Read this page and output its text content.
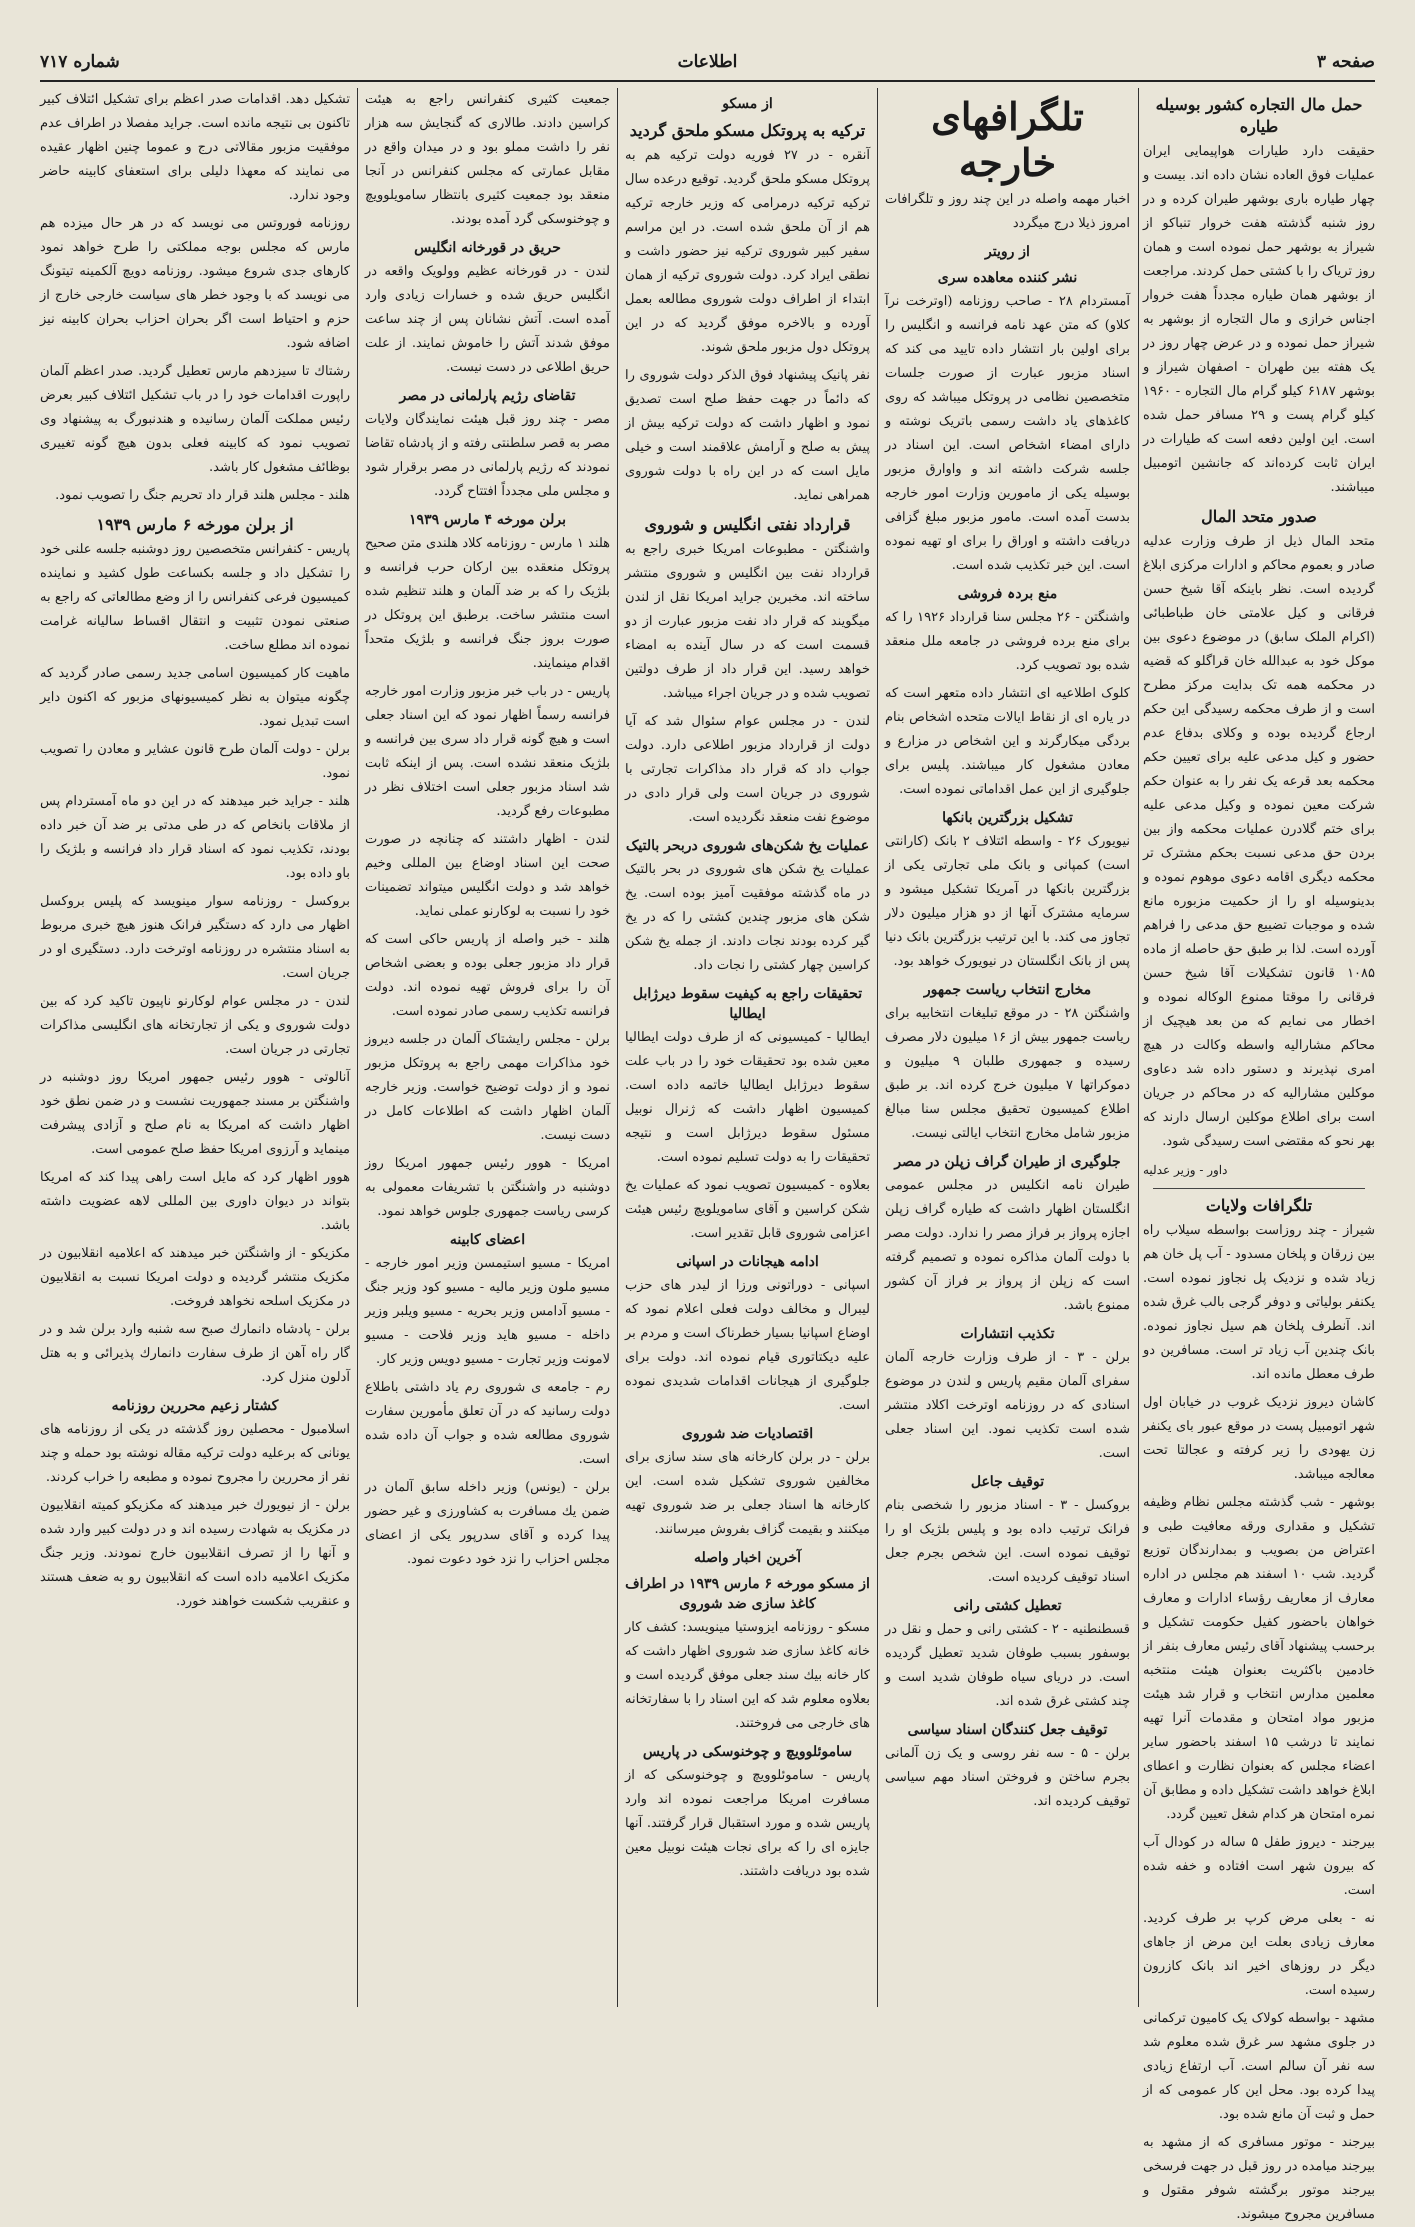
صفحه ۳
اطلاعات
شماره ۷۱۷
حمل مال التجاره کشور بوسیله طیاره

حقیقت دارد طیارات هواپیمایی ایران عملیات فوق العاده نشان داده اند. بیست و چهار طیاره باری بوشهر طیران کرده و در روز شنبه گذشته هفت خروار تنباکو از شیراز به بوشهر حمل نموده است و همان روز تریاک را با کشتی حمل کردند. مراجعت از بوشهر همان طیاره مجدداً هفت خروار اجناس خرازی و مال التجاره از بوشهر به شیراز حمل نموده و در عرض چهار روز در یک هفته بین طهران - اصفهان شیراز و بوشهر ۶۱۸۷ کیلو گرام مال التجاره - ۱۹۶۰ کیلو گرام پست و ۲۹ مسافر حمل شده است. این اولین دفعه است که طیارات در ایران ثابت کرده‌اند که جانشین اتومبیل میباشند.

صدور متحد المال

متحد المال ذیل از طرف وزارت عدلیه صادر و بعموم محاکم و ادارات مرکزی ابلاغ گردیده است. نظر باینکه آقا شیخ حسن فرقانی و کیل علامتی خان طباطبائی (اکرام الملک سابق) در موضوع دعوی بین موکل خود به عبدالله خان قراگلو که قضیه در محکمه همه تک بدایت مرکز مطرح است و از طرف محکمه رسیدگی این حکم ارجاع گردیده بوده و وکلای بدفاع عدم حضور و کیل مدعی علیه برای تعیین حکم محکمه بعد قرعه یک نفر را به عنوان حکم شرکت معین نموده و وکیل مدعی علیه برای ختم گلادرن عملیات محکمه واز بین بردن حق مدعی نسبت بحکم مشترک تر محکمه دیگری اقامه دعوی موهوم نموده و بدینوسیله او را از حکمیت مزبوره مانع شده و موجبات تضییع حق مدعی را فراهم آورده است. لذا بر طبق حق حاصله از ماده ۱۰۸۵ قانون تشکیلات آقا شیخ حسن فرقانی را موقتا ممنوع الوکاله نموده و اخطار می نمایم که من بعد هیچیک از محاکم مشارالیه واسطه وکالت در هیچ امری نپذیرند و دستور داده شد دعاوی موکلین مشارالیه که در محاکم در جریان است برای اطلاع موکلین ارسال دارند که بهر نحو که مقتضی است رسیدگی شود.

داور - وزیر عدلیه

تلگرافات ولایات

شیراز - چند روزاست بواسطه سیلاب راه بین زرقان و پلخان مسدود - آب پل خان هم زیاد شده و نزدیک پل نجاوز نموده است. یکنفر بولیاتی و دوفر گرجی بالب غرق شده اند. آنطرف پلخان هم سیل نجاوز نموده. بانک چندین آب زیاد تر است. مسافرین دو طرف معطل مانده اند.

کاشان دیروز نزدیک غروب در خیابان اول شهر اتومبیل پست در موقع عبور بای یکنفر زن یهودی را زیر کرفته و عجالتا تحت معالجه میباشد.

بوشهر - شب گذشته مجلس نظام وظیفه تشکیل و مقداری ورقه معافیت طبی و اعتراض من بصویب و بمدارندگان توزیع گردید. شب ۱۰ اسفند هم مجلس در اداره معارف از معاریف رؤساء ادارات و معارف خواهان باحضور کفیل حکومت تشکیل و برحسب پیشنهاد آقای رئیس معارف بنفر از خادمین باکثریت بعنوان هیئت منتخبه معلمین مدارس انتخاب و قرار شد هیئت مزبور مواد امتحان و مقدمات آنرا تهیه نمایند تا درشب ۱۵ اسفند باحضور سایر اعضاء مجلس که بعنوان نظارت و اعطای ابلاغ خواهد داشت تشکیل داده و مطابق آن نمره امتحان هر کدام شغل تعیین گردد.

بیرجند - دیروز طفل ۵ ساله در کودال آب که بیرون شهر است افتاده و خفه شده است.

نه - بعلی مرض کرپ بر طرف کردید. معارف زیادی بعلت این مرض از جاهای دیگر در روزهای اخیر اند بانک کازرون رسیده است.

مشهد - بواسطه کولاک یک کامیون ترکمانی در جلوی مشهد سر غرق شده معلوم شد سه نفر آن سالم است. آب ارتفاع زیادی پیدا کرده بود. محل این کار عمومی که از حمل و ثبت آن مانع شده بود.

بیرجند - موتور مسافری که از مشهد به بیرجند میامده در روز قبل در جهت فرسخی بیرجند موتور برگشته شوفر مقتول و مسافرین مجروح میشوند.

تلگرافهای خارجه

اخبار مهمه واصله در این چند روز و تلگرافات امروز ذیلا درج میگردد

از رویتر
نشر کننده معاهده سری

آمستردام ۲۸ - صاحب روزنامه (اوترخت نرآ کلاو) که متن عهد نامه فرانسه و انگلیس را برای اولین بار انتشار داده تایید می کند که اسناد مزبور عبارت از صورت جلسات متخصصین نظامی در پروتکل میباشد که روی کاغذهای یاد داشت رسمی باتریک نوشته و دارای امضاء اشخاص است. این اسناد در جلسه شرکت داشته اند و واوارق مزبور بوسیله یکی از مامورین وزارت امور خارجه بدست آمده است. مامور مزبور مبلغ گزافی دریافت داشته و اوراق را برای او تهیه نموده است. این خبر تکذیب شده است.

منع بردہ فروشی

واشنگتن - ۲۶ مجلس سنا قرارداد ۱۹۲۶ را که برای منع برده فروشی در جامعه ملل منعقد شده بود تصویب کرد.

کلوک اطلاعیه ای انتشار داده متعهر است که در یاره ای از نقاط ایالات متحده اشخاص بنام بردگی میکارگرند و این اشخاص در مزارع و معادن مشغول کار میباشند. پلیس برای جلوگیری از این عمل اقداماتی نموده است.

تشکیل بزرگترین بانکها

نیویورک ۲۶ - واسطه ائتلاف ۲ بانک (کارانتی است) کمپانی و بانک ملی تجارتی یکی از بزرگترین بانکها در آمریکا تشکیل میشود و سرمایه مشترک آنها از دو هزار میلیون دلار تجاوز می کند. با این ترتیب بزرگترین بانک دنیا پس از بانک انگلستان در نیویورک خواهد بود.

مخارج انتخاب ریاست جمهور

واشنگتن ۲۸ - در موقع تبلیغات انتخابیه برای ریاست جمهور بیش از ۱۶ میلیون دلار مصرف رسیده و جمهوری طلبان ۹ میلیون و دموکراتها ۷ میلیون خرج کرده اند. بر طبق اطلاع کمیسیون تحقیق مجلس سنا مبالغ مزبور شامل مخارج انتخاب ایالتی نیست.

جلوگیری از طیران گراف زپلن در مصر

طیران نامه انکلیس در مجلس عمومی انگلستان اظهار داشت که طیاره گراف زپلن اجازه پرواز بر فراز مصر را ندارد. دولت مصر با دولت آلمان مذاکره نموده و تصمیم گرفته است که زپلن از پرواز بر فراز آن کشور ممنوع باشد.

تکذیب انتشارات

برلن - ۳ - از طرف وزارت خارجه آلمان سفرای آلمان مقیم پاریس و لندن در موضوع اسنادی که در روزنامه اوترخت اکلاد منتشر شده است تکذیب نمود. این اسناد جعلی است.

توقیف جاعل

بروکسل - ۳ - اسناد مزبور را شخصی بنام فرانک ترتیب داده بود و پلیس بلژیک او را توقیف نموده است. این شخص بجرم جعل اسناد توقیف کردیده است.

تعطیل کشتی رانی

قسطنطنیه - ۲ - کشتی رانی و حمل و نقل در بوسفور بسبب طوفان شدید تعطیل گردیده است. در دریای سیاه طوفان شدید است و چند کشتی غرق شده اند.

توقیف جعل کنندگان اسناد سیاسی

برلن - ۵ - سه نفر روسی و یک زن آلمانی بجرم ساختن و فروختن اسناد مهم سیاسی توقیف کردیده اند.

از مسکو
ترکیه به پروتکل مسکو ملحق گردید

آنقره - در ۲۷ فوریه دولت ترکیه هم به پروتکل مسکو ملحق گردید. توقیع درعده سال ترکیه ترکیه درمرامی که وزیر خارجه ترکیه هم از آن ملحق شده است. در این مراسم سفیر کبیر شوروی ترکیه نیز حضور داشت و نطقی ایراد کرد. دولت شوروی ترکیه از همان ابتداء از اطراف دولت شوروی مطالعه بعمل آورده و بالاخره موفق گردید که در این پروتکل دول مزبور ملحق شوند.

نفر پانیک پیشنهاد فوق الذکر دولت شوروی را که دائماً در جهت حفظ صلح است تصدیق نمود و اظهار داشت که دولت ترکیه بیش از پیش به صلح و آرامش علاقمند است و خیلی مایل است که در این راه با دولت شوروی همراهی نماید.

قرارداد نفتی انگلیس و شوروی

واشنگتن - مطبوعات امریکا خبری راجع به قرارداد نفت بین انگلیس و شوروی منتشر ساخته اند. مخبرین جراید امریکا نقل از لندن میگویند که قرار داد نفت مزبور عبارت از دو قسمت است که در سال آینده به امضاء خواهد رسید. این قرار داد از طرف دولتین تصویب شده و در جریان اجراء میباشد.

لندن - در مجلس عوام سئوال شد که آیا دولت از قرارداد مزبور اطلاعی دارد. دولت جواب داد که قرار داد مذاکرات تجارتی با شوروی در جریان است ولی قرار دادی در موضوع نفت منعقد نگردیده است.

عملیات یخ شکن‌های شوروی دربحر بالتیک

عملیات یخ شکن های شوروی در بحر بالتیک در ماه گذشته موفقیت آمیز بوده است. یخ شکن های مزبور چندین کشتی را که در یخ گیر کرده بودند نجات دادند. از جمله یخ شکن کراسین چهار کشتی را نجات داد.

تحقیقات راجع به کیفیت سقوط دیرژابل ایطالیا

ایطالیا - کمیسیونی که از طرف دولت ایطالیا معین شده بود تحقیقات خود را در باب علت سقوط دیرژابل ایطالیا خاتمه داده است. کمیسیون اظهار داشت که ژنرال نوبیل مسئول سقوط دیرژابل است و نتیجه تحقیقات را به دولت تسلیم نموده است.

بعلاوه - کمیسیون تصویب نمود که عملیات یخ شکن کراسین و آقای سامویلویچ رئیس هیئت اعزامی شوروی قابل تقدیر است.

ادامه هیجانات در اسپانی

اسپانی - دوراتونی ورزا از لیدر های حزب لیبرال و مخالف دولت فعلی اعلام نمود که اوضاع اسپانیا بسیار خطرناک است و مردم بر علیه دیکتاتوری قیام نموده اند. دولت برای جلوگیری از هیجانات اقدامات شدیدی نموده است.

اقتصادیات ضد شوروی

برلن - در برلن کارخانه های سند سازی برای مخالفین شوروی تشکیل شده است. این کارخانه ها اسناد جعلی بر ضد شوروی تهیه میکنند و بقیمت گزاف بفروش میرسانند.

آخرین اخبار واصله
از مسکو مورخه ۶ مارس ۱۹۳۹ در اطراف کاغذ سازی ضد شوروی

مسکو - روزنامه ایزوستیا مینویسد: کشف کار خانه کاغذ سازی ضد شوروی اظهار داشت که کار خانه بیك سند جعلی موفق گردیده است و بعلاوه معلوم شد که این اسناد را با سفارتخانه های خارجی می فروختند.

ساموئلوویچ و چوخنوسکی در پاریس

پاریس - ساموئلوویچ و چوخنوسکی که از مسافرت امریکا مراجعت نموده اند وارد پاریس شده و مورد استقبال قرار گرفتند. آنها جایزه ای را که برای نجات هیئت نوبیل معین شده بود دریافت داشتند.

جمعیت کثیری کنفرانس راجع به هیئت کراسین دادند. طالاری که گنجایش سه هزار نفر را داشت مملو بود و در میدان واقع در مقابل عمارتی که مجلس کنفرانس در آنجا منعقد بود جمعیت کثیری بانتظار سامویلوویچ و چوخنوسکی گرد آمده بودند.

حریق در قورخانه انگلیس

لندن - در قورخانه عظیم وولویک واقعه در انگلیس حریق شده و خسارات زیادی وارد آمده است. آتش نشانان پس از چند ساعت موفق شدند آتش را خاموش نمایند. از علت حریق اطلاعی در دست نیست.

تقاضای رژیم پارلمانی در مصر

مصر - چند روز قبل هیئت نمایندگان ولایات مصر به قصر سلطنتی رفته و از پادشاه تقاضا نمودند که رژیم پارلمانی در مصر برقرار شود و مجلس ملی مجدداً افتتاح گردد.

برلن مورخه ۴ مارس ۱۹۳۹

هلند ۱ مارس - روزنامه کلاد هلندی متن صحیح پروتکل منعقده بین ارکان حرب فرانسه و بلژیک را که بر ضد آلمان و هلند تنظیم شده است منتشر ساخت. برطبق این پروتکل در صورت بروز جنگ فرانسه و بلژیک متحداً اقدام مینمایند.

پاریس - در باب خبر مزبور وزارت امور خارجه فرانسه رسماً اظهار نمود که این اسناد جعلی است و هیچ گونه قرار داد سری بین فرانسه و بلژیک منعقد نشده است. پس از اینکه ثابت شد اسناد مزبور جعلی است اختلاف نظر در مطبوعات رفع گردید.

لندن - اظهار داشتند که چنانچه در صورت صحت این اسناد اوضاع بین المللی وخیم خواهد شد و دولت انگلیس میتواند تضمینات خود را نسبت به لوکارنو عملی نماید.

هلند - خبر واصله از پاریس حاکی است که قرار داد مزبور جعلی بوده و بعضی اشخاص آن را برای فروش تهیه نموده اند. دولت فرانسه تکذیب رسمی صادر نموده است.

برلن - مجلس رایشتاک آلمان در جلسه دیروز خود مذاکرات مهمی راجع به پروتکل مزبور نمود و از دولت توضیح خواست. وزیر خارجه آلمان اظهار داشت که اطلاعات کامل در دست نیست.

امریکا - هوور رئیس جمهور امریکا روز دوشنبه در واشنگتن با تشریفات معمولی به کرسی ریاست جمهوری جلوس خواهد نمود.

اعضای کابینه

امریکا - مسیو استیمسن وزیر امور خارجه - مسیو ملون وزیر مالیه - مسیو کود وزیر جنگ - مسیو آدامس وزیر بحریه - مسیو ویلبر وزیر داخله - مسیو هاید وزیر فلاحت - مسیو لامونت وزیر تجارت - مسیو دویس وزیر کار.

رم - جامعه ی شوروی رم یاد داشتی باطلاع دولت رسانید که در آن تعلق مأمورین سفارت شوروی مطالعه شده و جواب آن داده شده است.

برلن - (یونس) وزیر داخله سابق آلمان در ضمن یك مسافرت به کشاورزی و غیر حضور پیدا کرده و آقای سدرپور یکی از اعضای مجلس احزاب را نزد خود دعوت نمود.

تشکیل دهد. اقدامات صدر اعظم برای تشکیل ائتلاف کبیر تاکنون بی نتیجه مانده است. جراید مفصلا در اطراف عدم موفقیت مزبور مقالاتی درج و عموما چنین اظهار عقیده می نمایند که معهذا دلیلی برای استعفای کابینه حاضر وجود ندارد.

روزنامه فوروتس می نویسد که در هر حال میزده هم مارس که مجلس بوجه مملکتی را طرح خواهد نمود کارهای جدی شروع میشود. روزنامه دویچ آلکمینه تیتونگ می نویسد که با وجود خطر های سیاست خارجی خارج از حزم و احتیاط است اگر بحران احزاب بحران کابینه نیز اضافه شود.

رشتاك تا سیزدهم مارس تعطیل گردید. صدر اعظم آلمان راپورت اقدامات خود را در باب تشکیل ائتلاف کبیر بعرض رئیس مملکت آلمان رسانیده و هندنبورگ به پیشنهاد وی تصویب نمود که کابینه فعلی بدون هیچ گونه تغییری بوظائف مشغول کار باشد.

هلند - مجلس هلند قرار داد تحریم جنگ را تصویب نمود.

از برلن مورخه ۶ مارس ۱۹۳۹

پاریس - کنفرانس متخصصین روز دوشنبه جلسه علنی خود را تشکیل داد و جلسه بکساعت طول کشید و نماینده کمیسیون فرعی کنفرانس را از وضع مطالعاتی که راجع به صنعتی نمودن تثبیت و انتقال اقساط سالیانه غرامت نموده اند مطلع ساخت.

ماهیت کار کمیسیون اسامی جدید رسمی صادر گردید که چگونه میتوان به نظر کمیسیونهای مزبور که اکنون دایر است تبدیل نمود.

برلن - دولت آلمان طرح قانون عشایر و معادن را تصویب نمود.

هلند - جراید خبر میدهند که در این دو ماه آمستردام پس از ملاقات بانخاص که در طی مدتی بر ضد آن خبر داده بودند، تکذیب نمود که اسناد قرار داد فرانسه و بلژیک را باو داده بود.

بروکسل - روزنامه سوار مینویسد که پلیس بروکسل اظهار می دارد که دستگیر فرانک هنوز هیچ خبری مربوط به اسناد منتشره در روزنامه اوترخت دارد. دستگیری او در جریان است.

لندن - در مجلس عوام لوکارنو ناپیون تاکید کرد که بین دولت شوروی و یکی از تجارتخانه های انگلیسی مذاکرات تجارتی در جریان است.

آنالوتی - هوور رئیس جمهور امریکا روز دوشنبه در واشنگتن بر مسند جمهوریت نشست و در ضمن نطق خود اظهار داشت که امریکا به نام صلح و آزادی پیشرفت مینماید و آرزوی امریکا حفظ صلح عمومی است.

هوور اظهار کرد که مایل است راهی پیدا کند که امریکا بتواند در دیوان داوری بین المللی لاهه عضویت داشته باشد.

مکزیکو - از واشنگتن خبر میدهند که اعلامیه انقلابیون در مکزیک منتشر گردیده و دولت امریکا نسبت به انقلابیون در مکزیک اسلحه نخواهد فروخت.

برلن - پادشاه دانمارك صبح سه شنبه وارد برلن شد و در گار راه آهن از طرف سفارت دانمارك پذیرائی و به هتل آدلون منزل کرد.

کشتار زعیم محررین روزنامه

اسلامبول - محصلین روز گذشته در یکی از روزنامه های یونانی که برعلیه دولت ترکیه مقاله نوشته بود حمله و چند نفر از محررین را مجروح نموده و مطبعه را خراب کردند.

برلن - از نیویورك خبر میدهند که مکزیکو کمیته انقلابیون در مکزیک به شهادت رسیده اند و در دولت کبیر وارد شده و آنها را از تصرف انقلابیون خارج نمودند. وزیر جنگ مکزیک اعلامیه داده است که انقلابیون رو به ضعف هستند و عنقریب شکست خواهند خورد.
